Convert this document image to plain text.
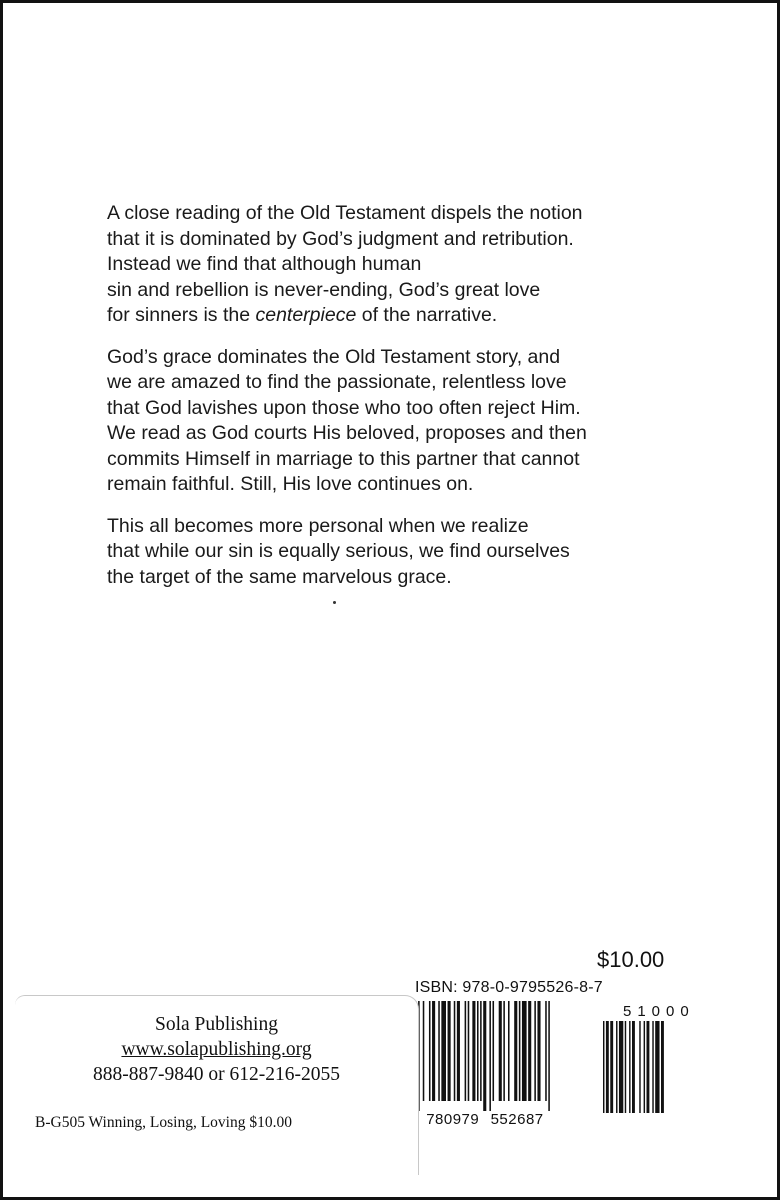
A close reading of the Old Testament dispels the notion
that it is dominated by God’s judgment and retribution.
Instead we find that although human
sin and rebellion is never-ending, God’s great love
for sinners is the centerpiece of the narrative.

God’s grace dominates the Old Testament story, and
we are amazed to find the passionate, relentless love
that God lavishes upon those who too often reject Him.
We read as God courts His beloved, proposes and then
commits Himself in marriage to this partner that cannot
remain faithful. Still, His love continues on.

This all becomes more personal when we realize
that while our sin is equally serious, we find ourselves
the target of the same marvelous grace.

$10.00
ISBN: 978-0-9795526-8-7
51000
780979 552687
Sola Publishing
www.solapublishing.org
888-887-9840 or 612-216-2055
B-G505 Winning, Losing, Loving $10.00
